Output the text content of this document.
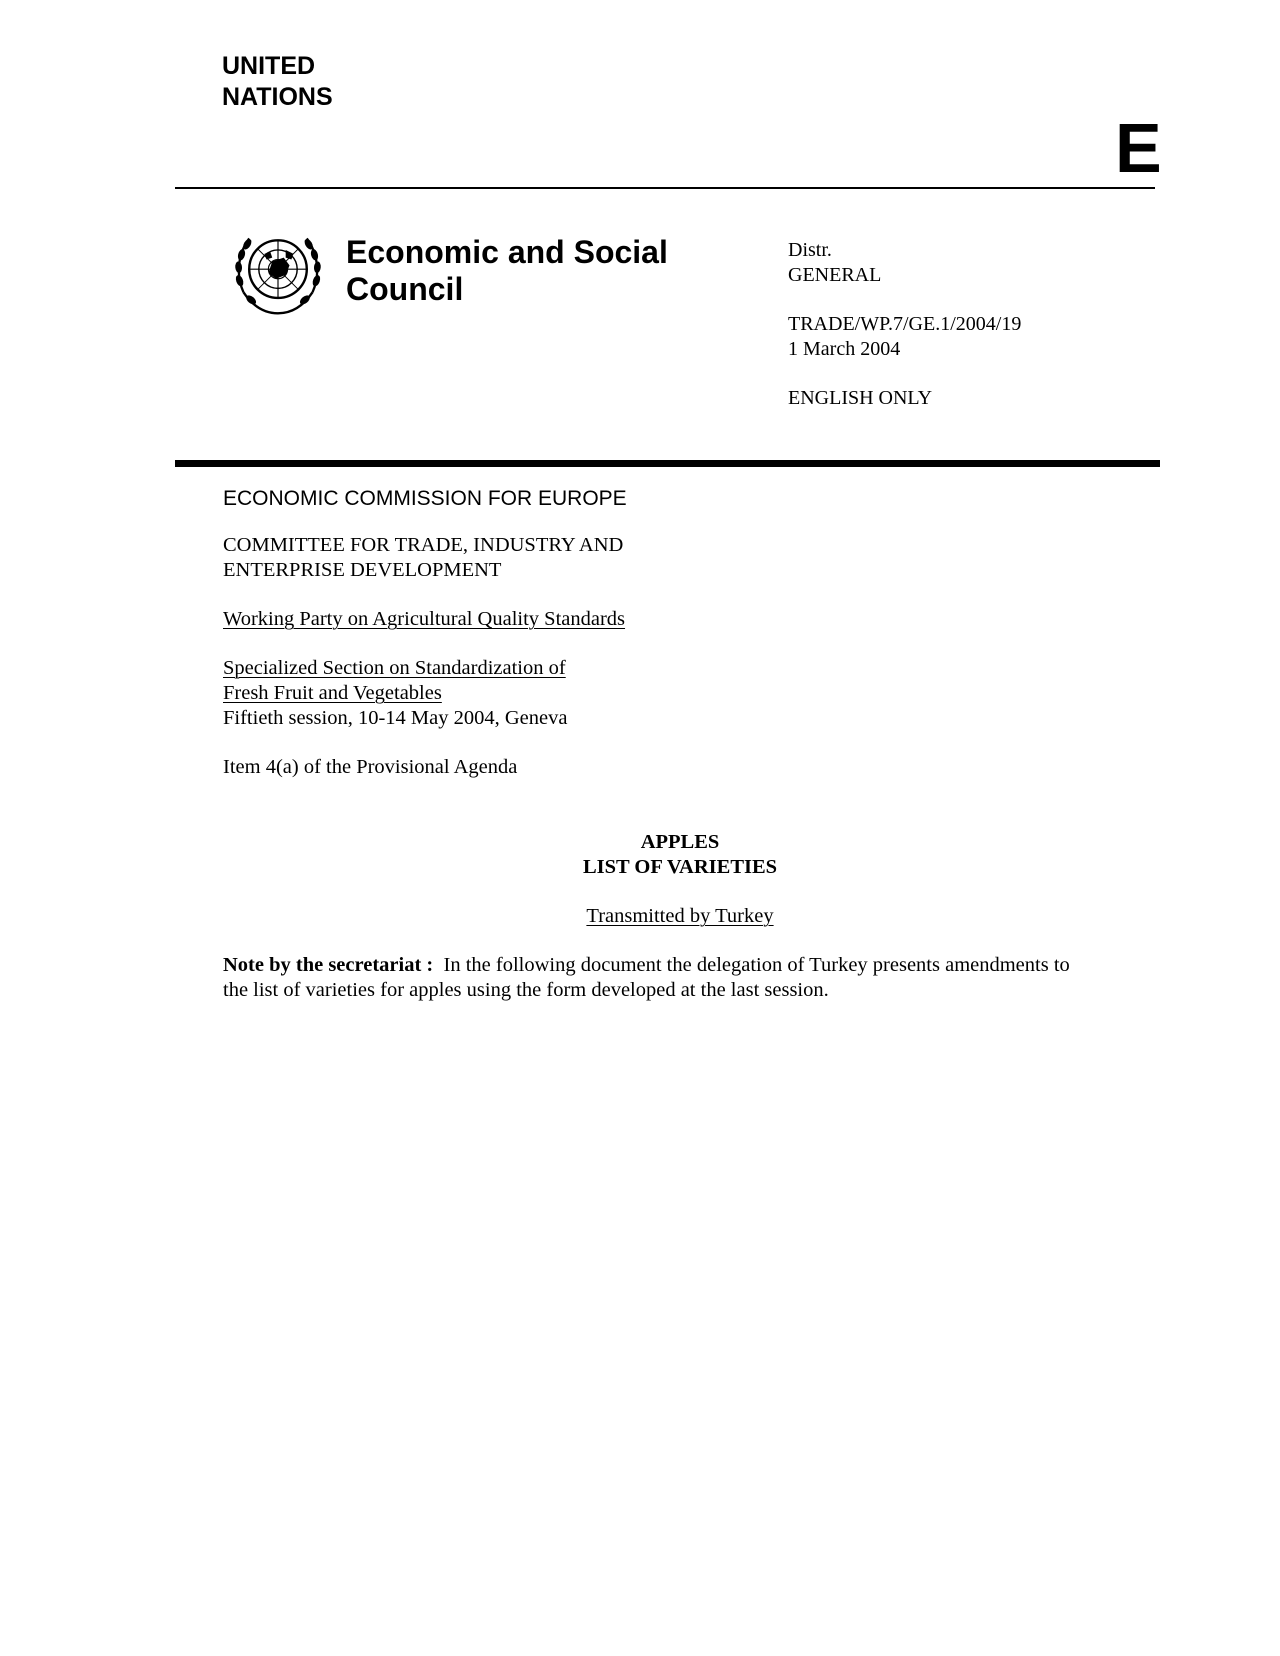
UNITED
NATIONS
E
Economic and Social
Council
Distr.
GENERAL
TRADE/WP.7/GE.1/2004/19
1 March 2004
ENGLISH ONLY
ECONOMIC COMMISSION FOR EUROPE
COMMITTEE FOR TRADE, INDUSTRY AND
ENTERPRISE DEVELOPMENT
Working Party on Agricultural Quality Standards
Specialized Section on Standardization of
Fresh Fruit and Vegetables
Fiftieth session, 10-14 May 2004, Geneva
Item 4(a) of the Provisional Agenda
APPLES
LIST OF VARIETIES
Transmitted by Turkey
Note by the secretariat : In the following document the delegation of Turkey presents amendments to
the list of varieties for apples using the form developed at the last session.
